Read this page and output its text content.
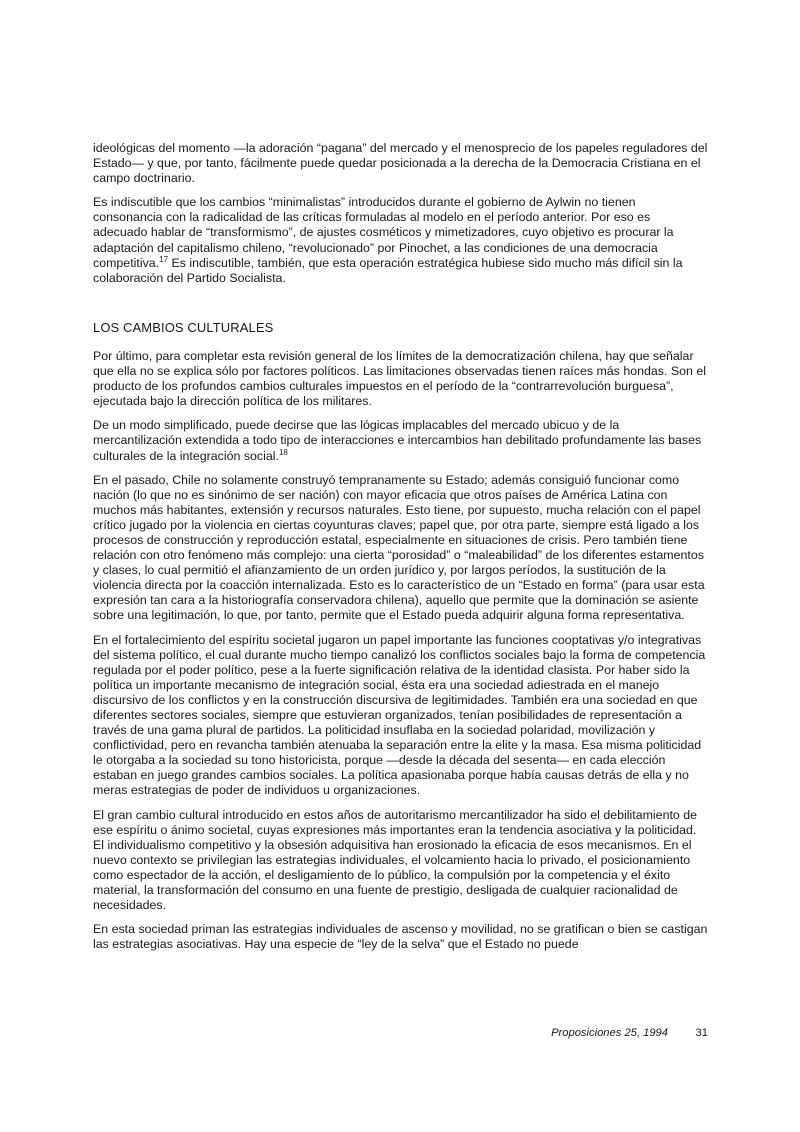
ideológicas del momento —la adoración “pagana” del mercado y el menosprecio de los papeles reguladores del Estado— y que, por tanto, fácilmente puede quedar posicionada a la derecha de la Democracia Cristiana en el campo doctrinario.

Es indiscutible que los cambios “minimalistas” introducidos durante el gobierno de Aylwin no tienen consonancia con la radicalidad de las críticas formuladas al modelo en el período anterior. Por eso es adecuado hablar de “transformismo”, de ajustes cosméticos y mimetizadores, cuyo objetivo es procurar la adaptación del capitalismo chileno, “revolucionado” por Pinochet, a las condiciones de una democracia competitiva.$^{17}$ Es indiscutible, también, que esta operación estratégica hubiese sido mucho más difícil sin la colaboración del Partido Socialista.

LOS CAMBIOS CULTURALES

Por último, para completar esta revisión general de los límites de la democratización chilena, hay que señalar que ella no se explica sólo por factores políticos. Las limitaciones observadas tienen raíces más hondas. Son el producto de los profundos cambios culturales impuestos en el período de la “contrarrevolución burguesa”, ejecutada bajo la dirección política de los militares.

De un modo simplificado, puede decirse que las lógicas implacables del mercado ubicuo y de la mercantilización extendida a todo tipo de interacciones e intercambios han debilitado profundamente las bases culturales de la integración social.$^{18}$

En el pasado, Chile no solamente construyó tempranamente su Estado; además consiguió funcionar como nación (lo que no es sinónimo de ser nación) con mayor eficacia que otros países de América Latina con muchos más habitantes, extensión y recursos naturales. Esto tiene, por supuesto, mucha relación con el papel crítico jugado por la violencia en ciertas coyunturas claves; papel que, por otra parte, siempre está ligado a los procesos de construcción y reproducción estatal, especialmente en situaciones de crisis. Pero también tiene relación con otro fenómeno más complejo: una cierta “porosidad” o “maleabilidad” de los diferentes estamentos y clases, lo cual permitió el afianzamiento de un orden jurídico y, por largos períodos, la sustitución de la violencia directa por la coacción internalizada. Esto es lo característico de un “Estado en forma” (para usar esta expresión tan cara a la historiografía conservadora chilena), aquello que permite que la dominación se asiente sobre una legitimación, lo que, por tanto, permite que el Estado pueda adquirir alguna forma representativa.

En el fortalecimiento del espíritu societal jugaron un papel importante las funciones cooptativas y/o integrativas del sistema político, el cual durante mucho tiempo canalizó los conflictos sociales bajo la forma de competencia regulada por el poder político, pese a la fuerte significación relativa de la identidad clasista. Por haber sido la política un importante mecanismo de integración social, ésta era una sociedad adiestrada en el manejo discursivo de los conflictos y en la construcción discursiva de legitimidades. También era una sociedad en que diferentes sectores sociales, siempre que estuvieran organizados, tenían posibilidades de representación a través de una gama plural de partidos. La politicidad insuflaba en la sociedad polaridad, movilización y conflictividad, pero en revancha también atenuaba la separación entre la elite y la masa. Esa misma politicidad le otorgaba a la sociedad su tono historicista, porque —desde la década del sesenta— en cada elección estaban en juego grandes cambios sociales. La política apasionaba porque había causas detrás de ella y no meras estrategias de poder de individuos u organizaciones.

El gran cambio cultural introducido en estos años de autoritarismo mercantilizador ha sido el debilitamiento de ese espíritu o ánimo societal, cuyas expresiones más importantes eran la tendencia asociativa y la politicidad. El individualismo competitivo y la obsesión adquisitiva han erosionado la eficacia de esos mecanismos. En el nuevo contexto se privilegian las estrategias individuales, el volcamiento hacia lo privado, el posicionamiento como espectador de la acción, el desligamiento de lo público, la compulsión por la competencia y el éxito material, la transformación del consumo en una fuente de prestigio, desligada de cualquier racionalidad de necesidades.

En esta sociedad priman las estrategias individuales de ascenso y movilidad, no se gratifican o bien se castigan las estrategias asociativas. Hay una especie de “ley de la selva” que el Estado no puede

Proposiciones 25, 1994 31
